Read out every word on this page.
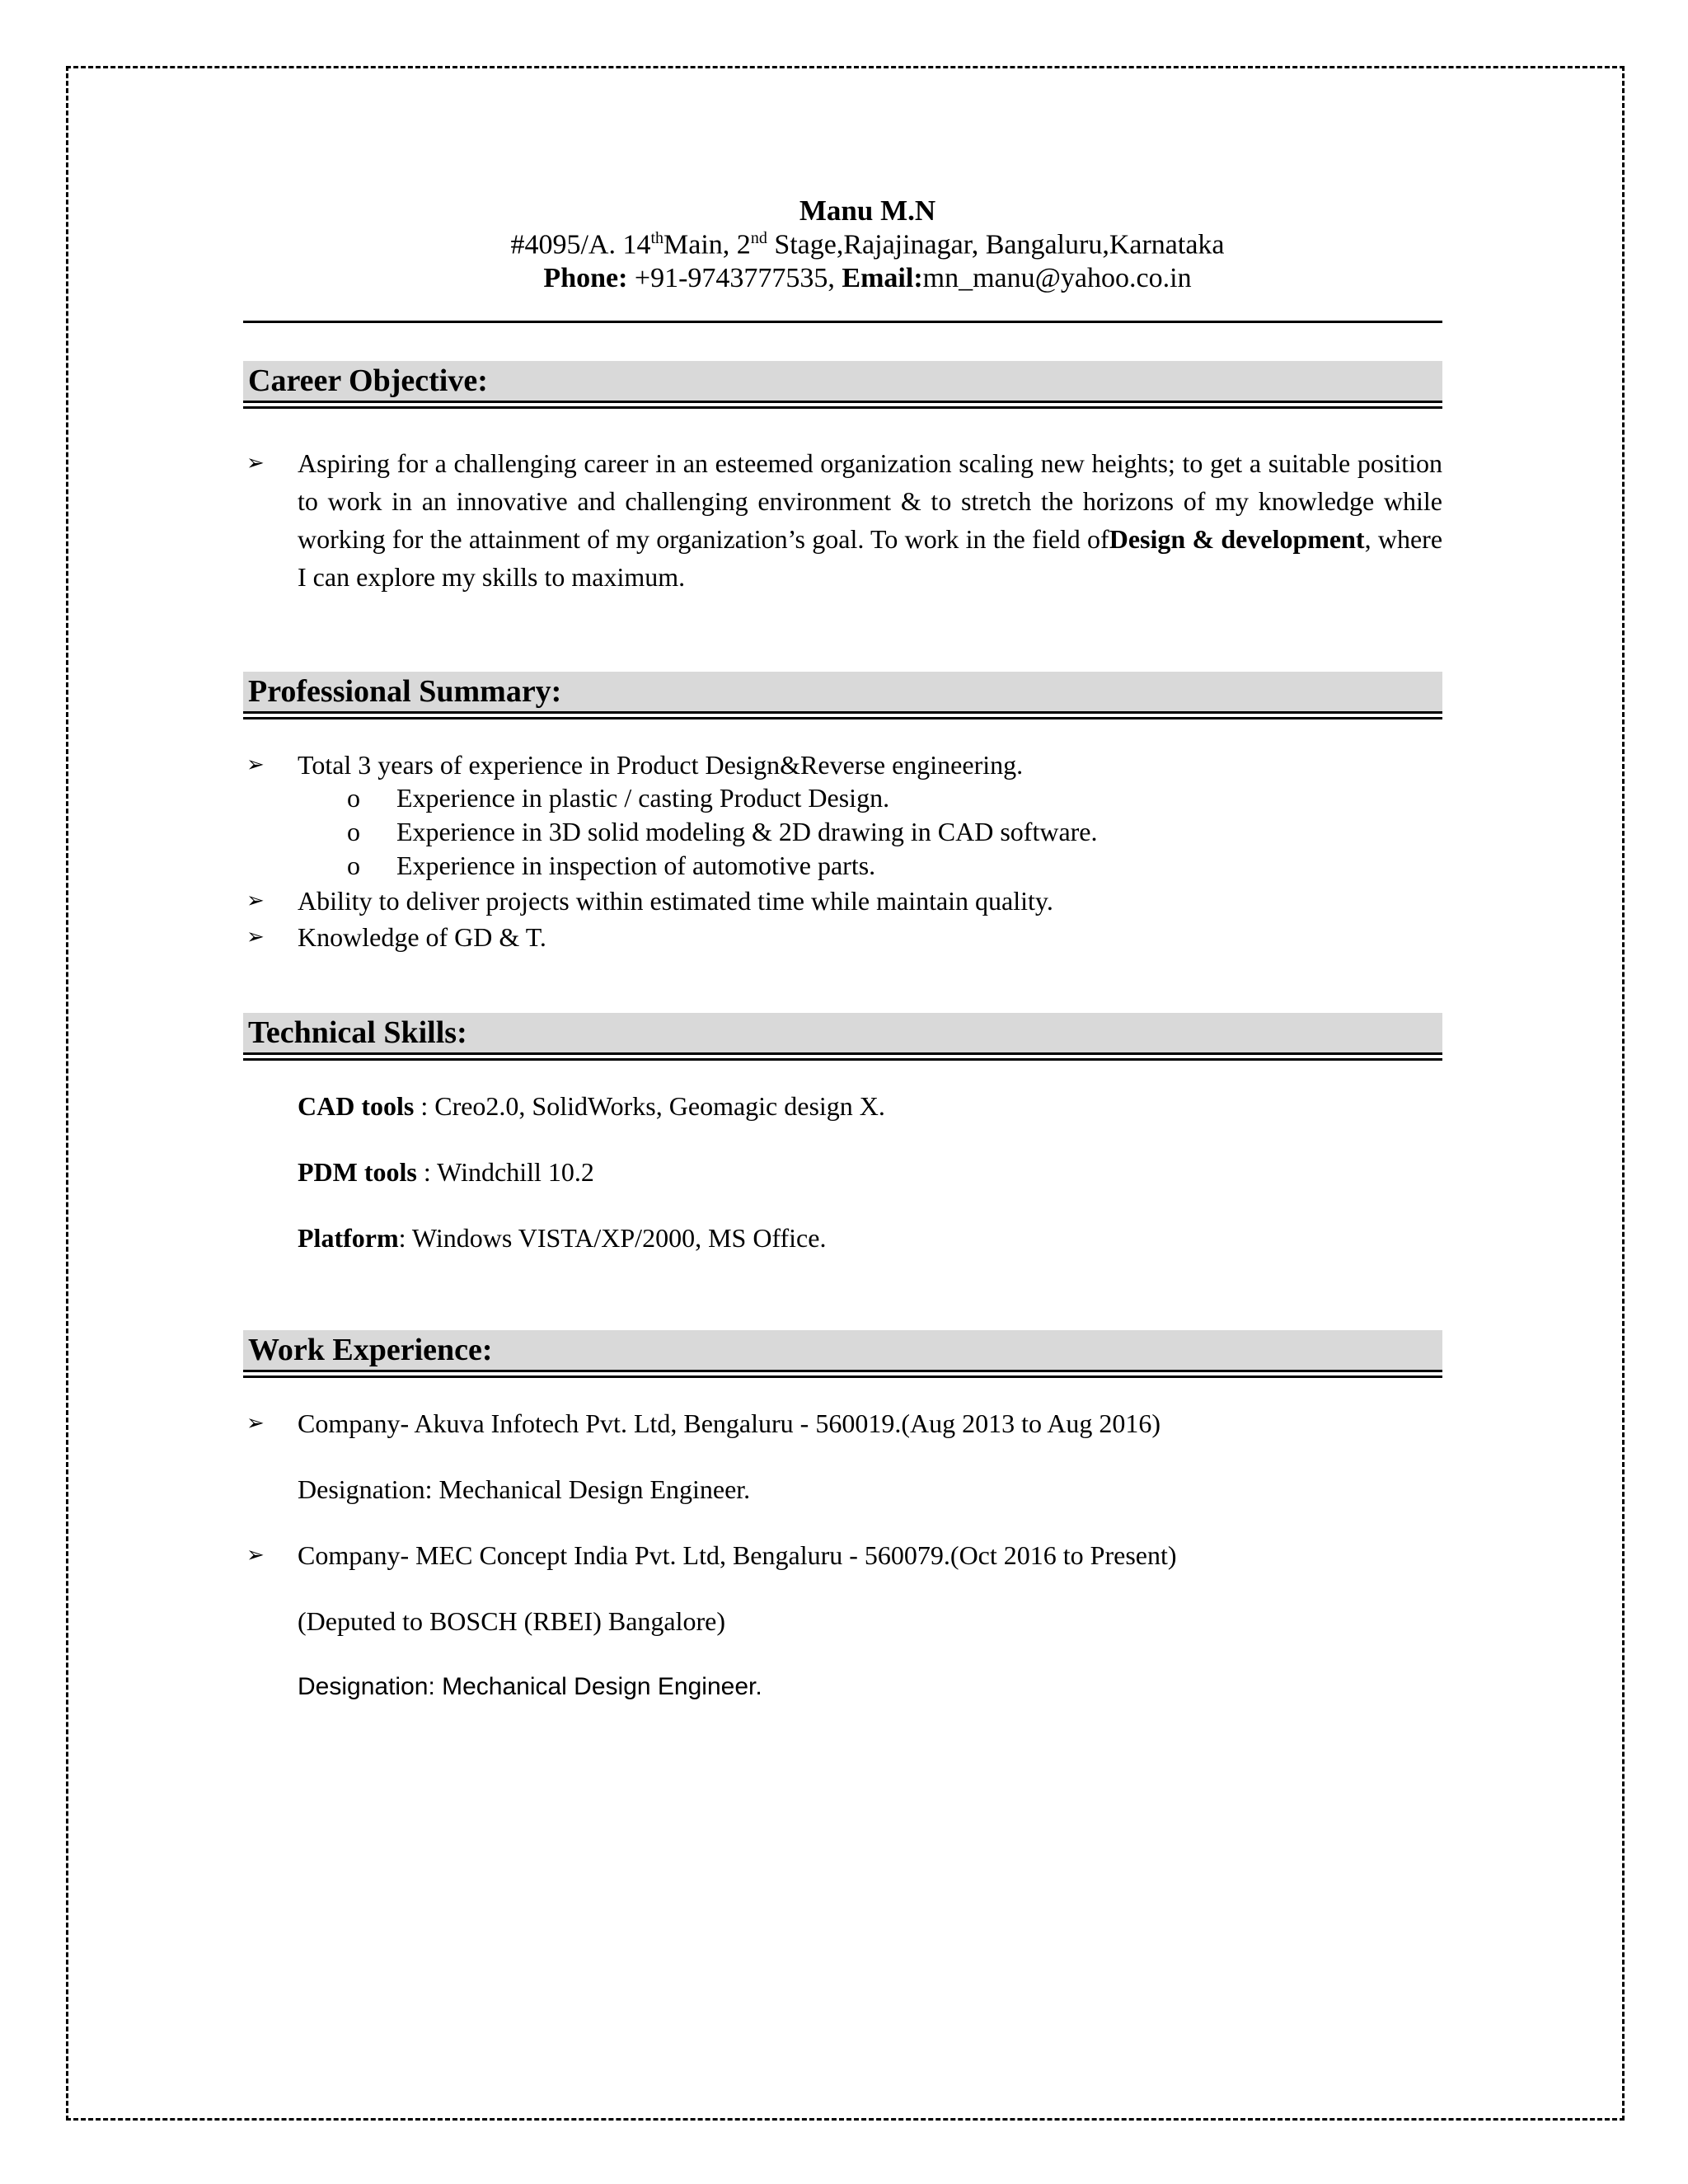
Manu M.N
#4095/A. 14thMain, 2nd Stage,Rajajinagar, Bangaluru,Karnataka
Phone: +91-9743777535, Email:mn_manu@yahoo.co.in
Career Objective:
➢ Aspiring for a challenging career in an esteemed organization scaling new heights; to get a suitable position to work in an innovative and challenging environment & to stretch the horizons of my knowledge while working for the attainment of my organization’s goal. To work in the field ofDesign & development, where I can explore my skills to maximum.
Professional Summary:
➢ Total 3 years of experience in Product Design&Reverse engineering.
o Experience in plastic / casting Product Design.
o Experience in 3D solid modeling & 2D drawing in CAD software.
o Experience in inspection of automotive parts.
➢ Ability to deliver projects within estimated time while maintain quality.
➢ Knowledge of GD & T.
Technical Skills:
CAD tools : Creo2.0, SolidWorks, Geomagic design X.
PDM tools : Windchill 10.2
Platform: Windows VISTA/XP/2000, MS Office.
Work Experience:
➢ Company- Akuva Infotech Pvt. Ltd, Bengaluru - 560019.(Aug 2013 to Aug 2016)
Designation: Mechanical Design Engineer.
➢ Company- MEC Concept India Pvt. Ltd, Bengaluru - 560079.(Oct 2016 to Present)
(Deputed to BOSCH (RBEI) Bangalore)
Designation: Mechanical Design Engineer.
